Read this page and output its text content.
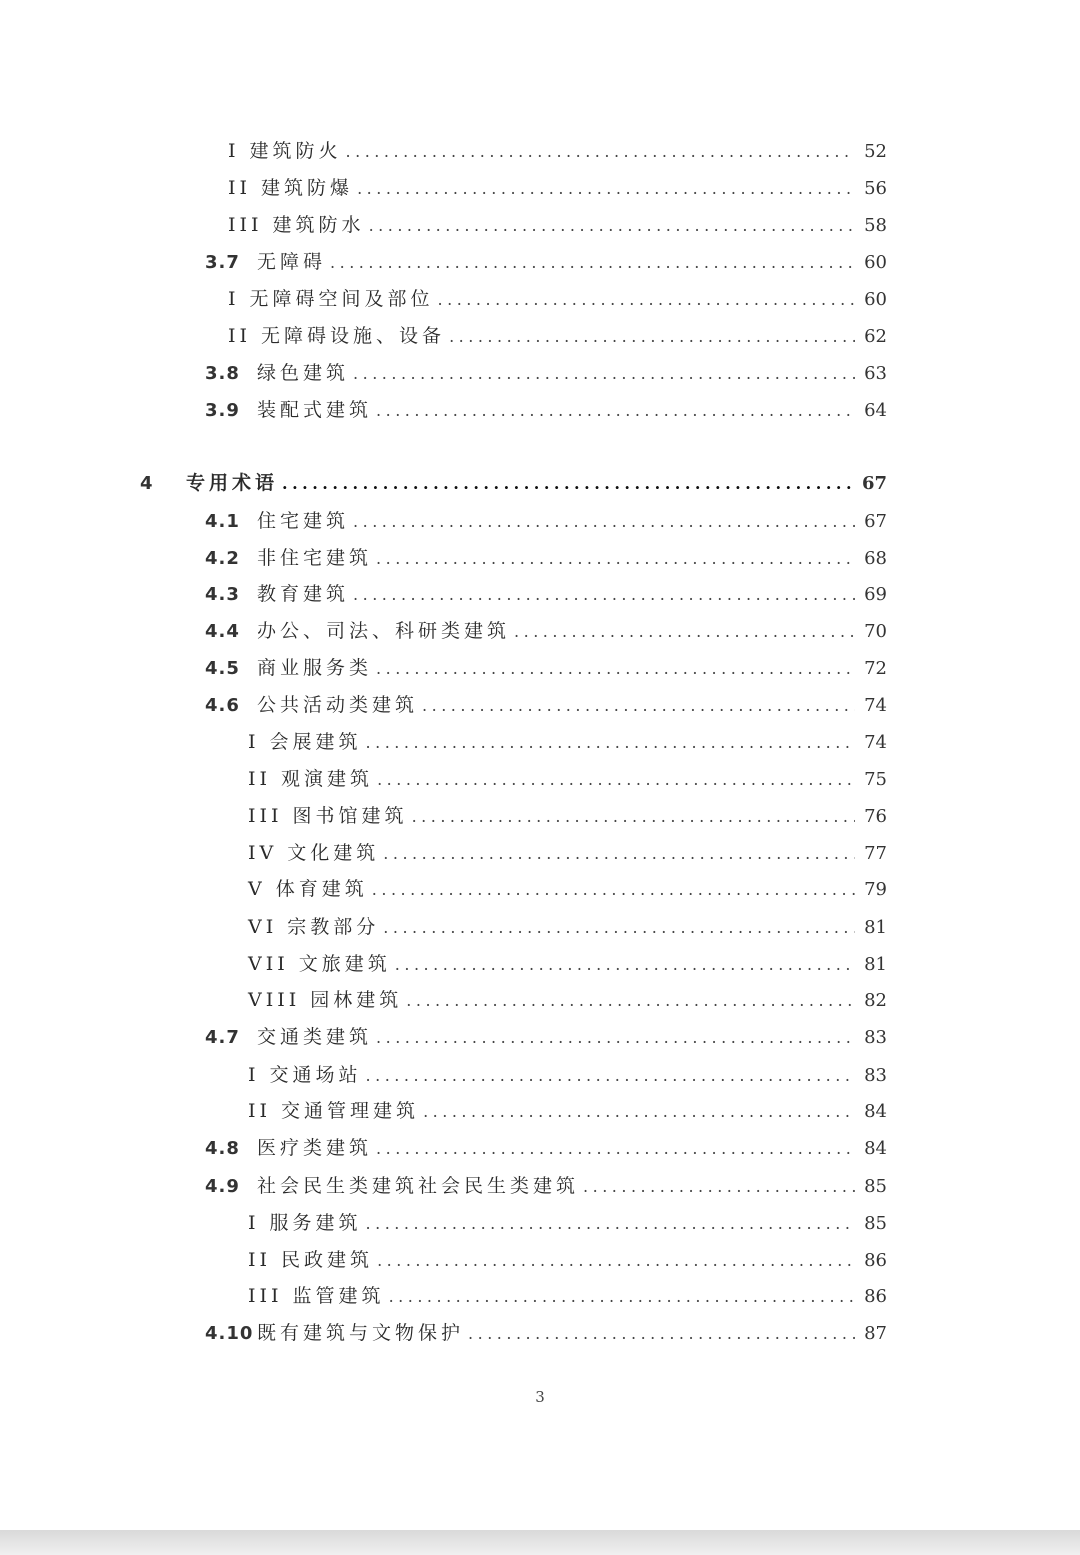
I 建筑防火 .....	52
II 建筑防爆 .....	56
III 建筑防水 .....	58
3.7 无障碍 .....	60
I 无障碍空间及部位 .....	60
II 无障碍设施、设备 .....	62
3.8 绿色建筑 .....	63
3.9 装配式建筑 .....	64
4	专用术语 .....	67
4.1 住宅建筑 .....	67
4.2 非住宅建筑 .....	68
4.3 教育建筑 .....	69
4.4 办公、司法、科研类建筑 .....	70
4.5 商业服务类 .....	72
4.6 公共活动类建筑 .....	74
I 会展建筑 .....	74
II 观演建筑 .....	75
III 图书馆建筑 .....	76
IV 文化建筑 .....	77
V 体育建筑 .....	79
VI 宗教部分 .....	81
VII 文旅建筑 .....	81
VIII 园林建筑 .....	82
4.7 交通类建筑 .....	83
I 交通场站 .....	83
II 交通管理建筑 .....	84
4.8 医疗类建筑 .....	84
4.9 社会民生类建筑社会民生类建筑 .....	85
I 服务建筑 .....	85
II 民政建筑 .....	86
III 监管建筑 .....	86
4.10 既有建筑与文物保护 .....	87
3
